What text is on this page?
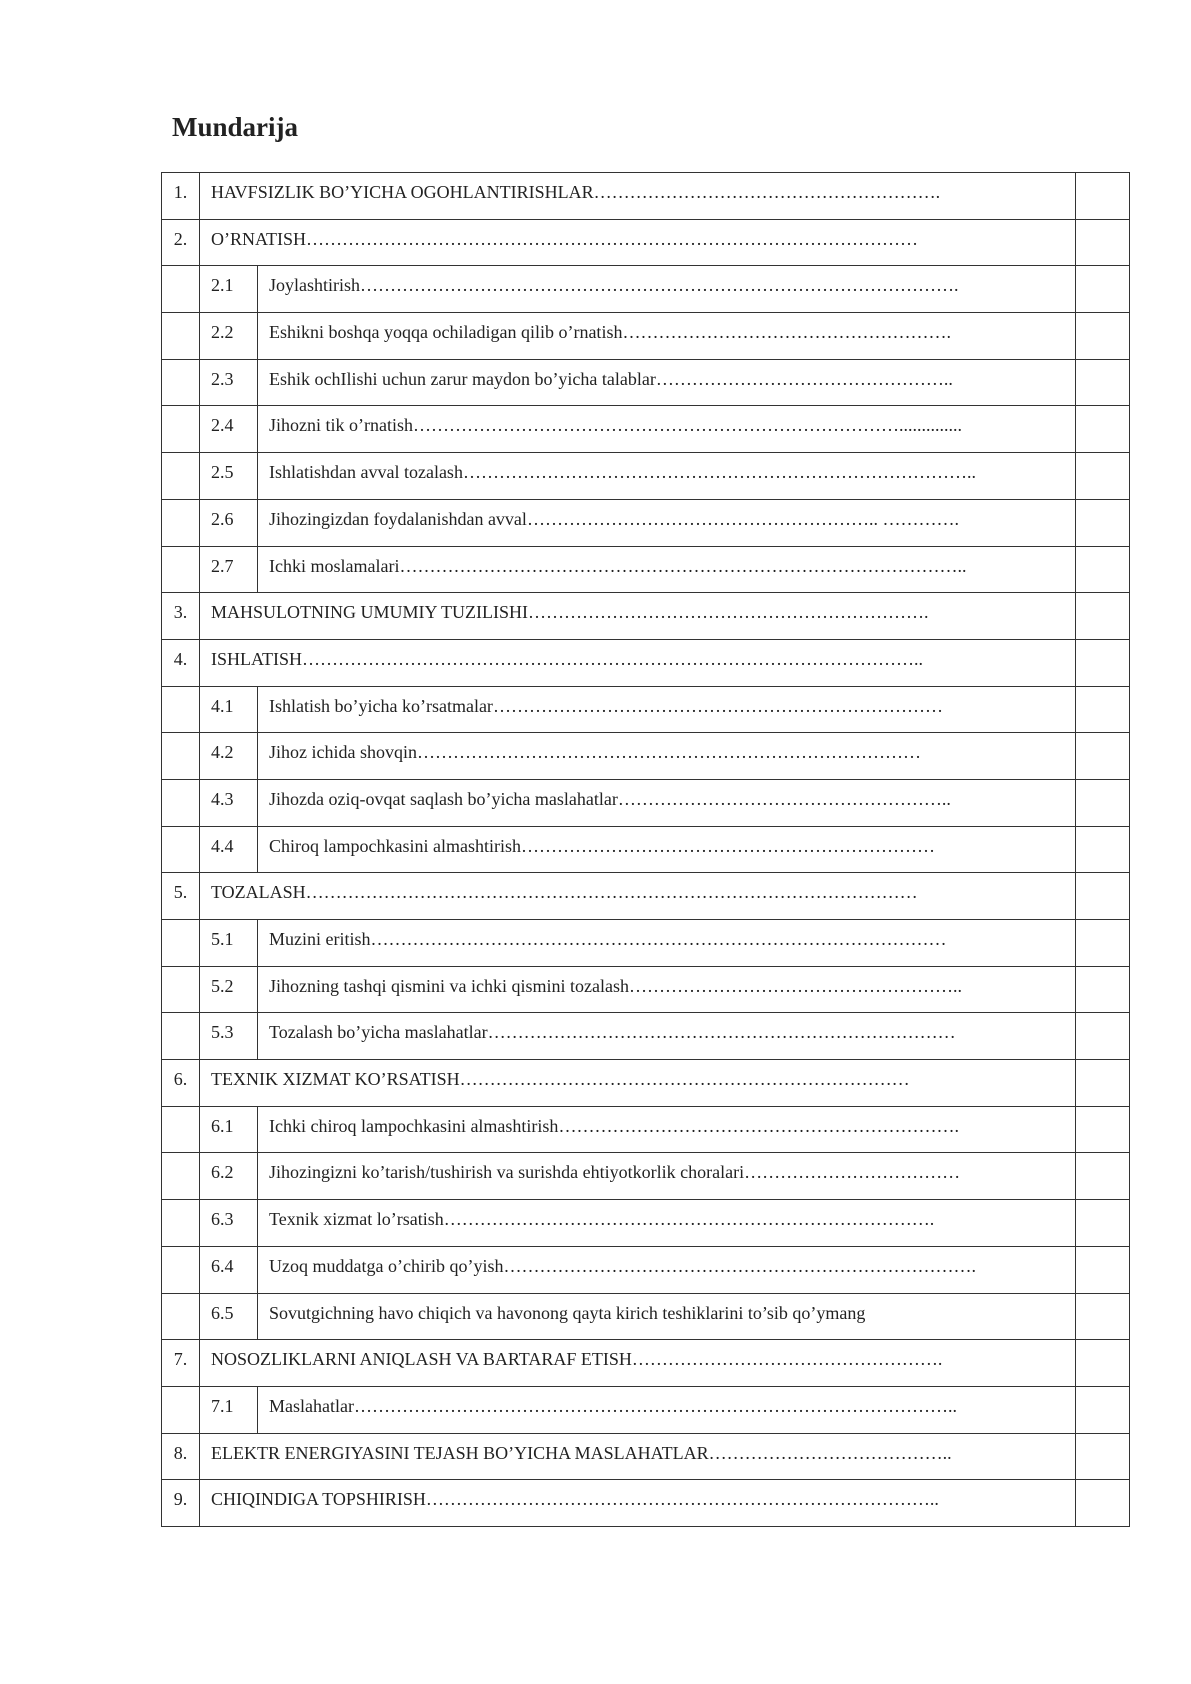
Mundarija
1.	HAVFSIZLIK BO’YICHA OGOHLANTIRISHLAR………………………………………………….		
2.	O’RNATISH…………………………………………………………………………………………		
	2.1	Joylashtirish……………………………………………………………………………………….	
	2.2	Eshikni boshqa yoqqa ochiladigan qilib o’rnatish……………………………………………….	
	2.3	Eshik ochIlishi uchun zarur maydon bo’yicha talablar…………………………………………..	
	2.4	Jihozni tik o’rnatish………………………………………………………………………..............	
	2.5	Ishlatishdan avval tozalash…………………………………………………………………………..	
	2.6	Jihozingizdan foydalanishdan avval………………………………………………….. ………….	
	2.7	Ichki moslamalari…………………………………………………………………………………..	
3.	MAHSULOTNING UMUMIY TUZILISHI………………………………………………………….		
4.	ISHLATISH…………………………………………………………………………………………..		
	4.1	Ishlatish bo’yicha ko’rsatmalar…………………………………………………………………	
	4.2	Jihoz ichida shovqin…………………………………………………………………………	
	4.3	Jihozda oziq-ovqat saqlash bo’yicha maslahatlar………………………………………………..	
	4.4	Chiroq lampochkasini almashtirish……………………………………………………………	
5.	TOZALASH…………………………………………………………………………………………		
	5.1	Muzini eritish……………………………………………………………………………………	
	5.2	Jihozning tashqi qismini va ichki qismini tozalash………………………………………………..	
	5.3	Tozalash bo’yicha maslahatlar……………………………………………………………………	
6.	TEXNIK XIZMAT KO’RSATISH…………………………………………………………………		
	6.1	Ichki chiroq lampochkasini almashtirish………………………………………………………….	
	6.2	Jihozingizni ko’tarish/tushirish va surishda ehtiyotkorlik choralari………………………………	
	6.3	Texnik xizmat lo’rsatish……………………………………………………………………….	
	6.4	Uzoq muddatga o’chirib qo’yish…………………………………………………………………….	
	6.5	Sovutgichning havo chiqich va havonong qayta kirich teshiklarini to’sib qo’ymang	
7.	NOSOZLIKLARNI ANIQLASH VA BARTARAF ETISH…………………………………………….		
	7.1	Maslahatlar………………………………………………………………………………………..	
8.	ELEKTR ENERGIYASINI TEJASH BO’YICHA MASLAHATLAR…………………………………..		
9.	CHIQINDIGA TOPSHIRISH…………………………………………………………………………..		
